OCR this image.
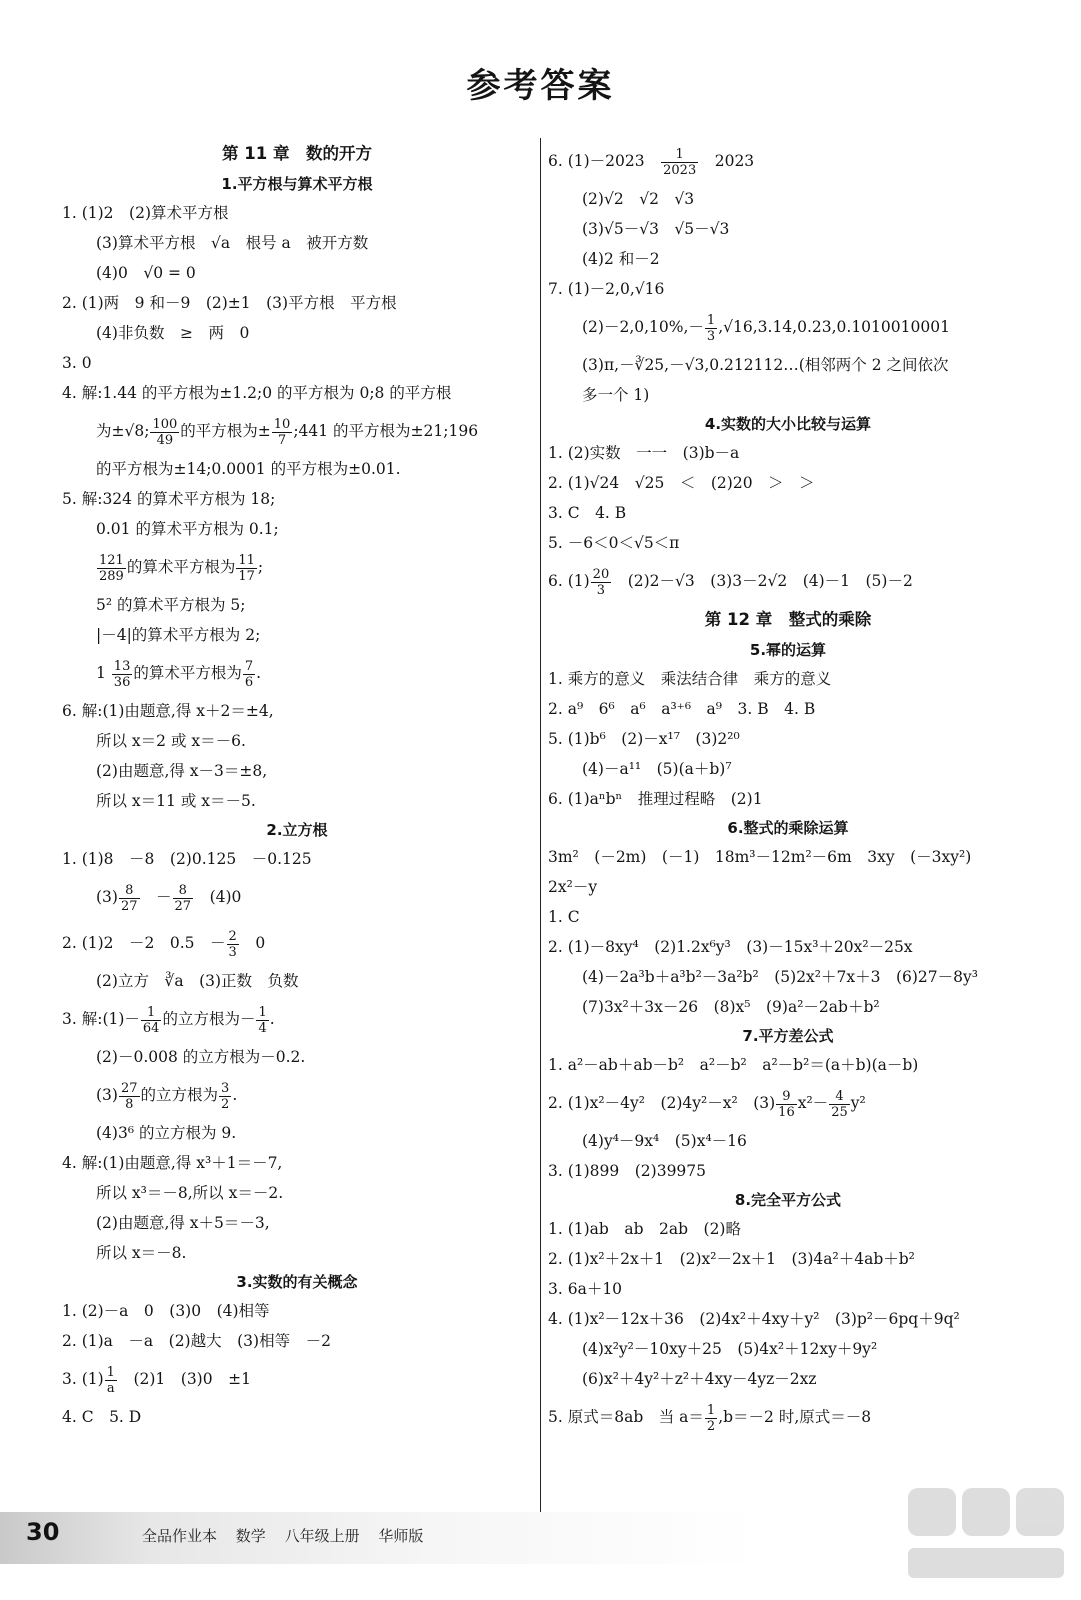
参考答案
第 11 章　数的开方
1.平方根与算术平方根
1. (1)2　(2)算术平方根
(3)算术平方根　√a　根号 a　被开方数
(4)0　√0 = 0
2. (1)两　9 和－9　(2)±1　(3)平方根　平方根
(4)非负数　≥　两　0
3. 0
4. 解:1.44 的平方根为±1.2;0 的平方根为 0;8 的平方根
为±√8; $\frac{100}{49}$ 的平方根为± $\frac{10}{7}$ ;441 的平方根为±21;196
的平方根为±14;0.0001 的平方根为±0.01.
5. 解:324 的算术平方根为 18;
0.01 的算术平方根为 0.1;
$\frac{121}{289}$ 的算术平方根为 $\frac{11}{17}$ ;
5² 的算术平方根为 5;
|－4|的算术平方根为 2;
$1 \frac{13}{36}$ 的算术平方根为 $\frac{7}{6}$ .
6. 解:(1)由题意,得 x＋2＝±4,
所以 x＝2 或 x＝－6.
(2)由题意,得 x－3＝±8,
所以 x＝11 或 x＝－5.
2.立方根
1. (1)8　－8　(2)0.125　－0.125
$(3) \frac{8}{27}$ 　－ $\frac{8}{27}$ 　(4)0
2. (1)2　－2　0.5　－ $\frac{2}{3}$ 　0
(2)立方　∛a　(3)正数　负数
3. 解:(1)－ $\frac{1}{64}$ 的立方根为－ $\frac{1}{4}$ .
(2)－0.008 的立方根为－0.2.
$(3) \frac{27}{8}$ 的立方根为 $\frac{3}{2}$ .
(4)3⁶ 的立方根为 9.
4. 解:(1)由题意,得 x³＋1＝－7,
所以 x³＝－8,所以 x＝－2.
(2)由题意,得 x＋5＝－3,
所以 x＝－8.
3.实数的有关概念
1. (2)－a　0　(3)0　(4)相等
2. (1)a　－a　(2)越大　(3)相等　－2
3. $(1) \frac{1}{a}$ 　(2)1　(3)0　±1
4. C　5. D
6. (1)－2023　 $\frac{1}{2023}$ 　2023
(2)√2　√2　√3
(3)√5－√3　√5－√3
(4)2 和－2
7. (1)－2,0,√16
$(2)-2,0,10\%,- \frac{1}{3} ,√16,3.14,0.23,0.1010010001$
(3)π,－∛25,－√3,0.212112…(相邻两个 2 之间依次
多一个 1)
4.实数的大小比较与运算
1. (2)实数　一一　(3)b－a
2. (1)√24　√25　＜　(2)20　＞　＞
3. C　4. B
5. －6＜0＜√5＜π
6. $(1) \frac{20}{3}$ 　(2)2－√3　(3)3－2√2　(4)－1　(5)－2
第 12 章　整式的乘除
5.幂的运算
1. 乘方的意义　乘法结合律　乘方的意义
2. a⁹　6⁶　a⁶　a³⁺⁶　a⁹　3. B　4. B
5. (1)b⁶　(2)－x¹⁷　(3)2²⁰
(4)－a¹¹　(5)(a＋b)⁷
6. (1)aⁿbⁿ　推理过程略　(2)1
6.整式的乘除运算
3m²　(－2m)　(－1)　18m³－12m²－6m　3xy　(－3xy²)
2x²－y
1. C
2. (1)－8xy⁴　(2)1.2x⁶y³　(3)－15x³＋20x²－25x
(4)－2a³b＋a³b²－3a²b²　(5)2x²＋7x＋3　(6)27－8y³
(7)3x²＋3x－26　(8)x⁵　(9)a²－2ab＋b²
7.平方差公式
1. a²－ab＋ab－b²　a²－b²　a²－b²＝(a＋b)(a－b)
2. (1)x²－4y²　(2)4y²－x²　$(3) \frac{9}{16} x^2- \frac{4}{25} y^2$
(4)y⁴－9x⁴　(5)x⁴－16
3. (1)899　(2)39975
8.完全平方公式
1. (1)ab　ab　2ab　(2)略
2. (1)x²＋2x＋1　(2)x²－2x＋1　(3)4a²＋4ab＋b²
3. 6a＋10
4. (1)x²－12x＋36　(2)4x²＋4xy＋y²　(3)p²－6pq＋9q²
(4)x²y²－10xy＋25　(5)4x²＋12xy＋9y²
(6)x²＋4y²＋z²＋4xy－4yz－2xz
5. 原式＝8ab　当 $a= \frac{1}{2} ,b=-2$ 时,原式＝－8
30	全品作业本 数学 八年级上册 华师版
